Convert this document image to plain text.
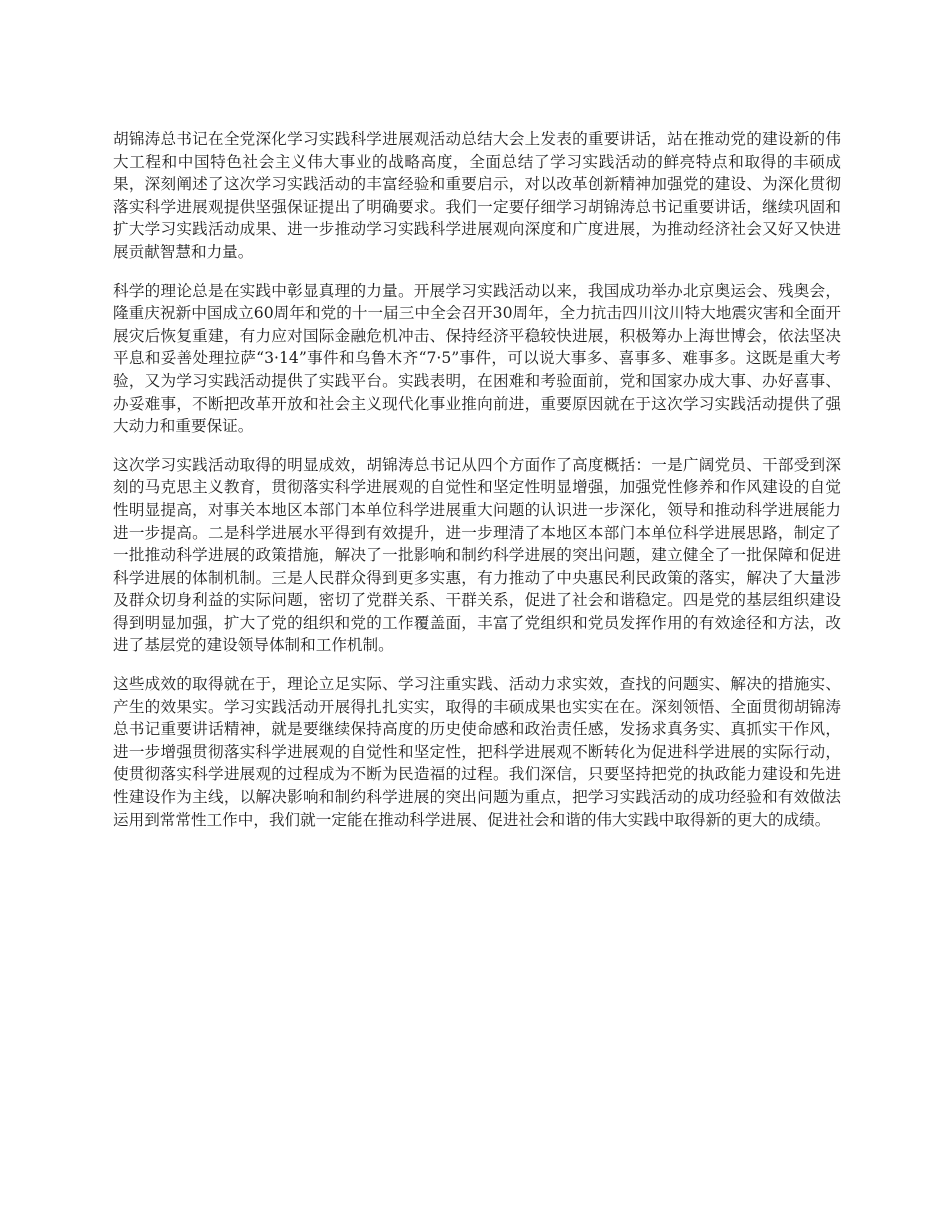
胡锦涛总书记在全党深化学习实践科学进展观活动总结大会上发表的重要讲话，站在推动党的建设新的伟大工程和中国特色社会主义伟大事业的战略高度，全面总结了学习实践活动的鲜亮特点和取得的丰硕成果，深刻阐述了这次学习实践活动的丰富经验和重要启示，对以改革创新精神加强党的建设、为深化贯彻落实科学进展观提供坚强保证提出了明确要求。我们一定要仔细学习胡锦涛总书记重要讲话，继续巩固和扩大学习实践活动成果、进一步推动学习实践科学进展观向深度和广度进展，为推动经济社会又好又快进展贡献智慧和力量。

科学的理论总是在实践中彰显真理的力量。开展学习实践活动以来，我国成功举办北京奥运会、残奥会，隆重庆祝新中国成立60周年和党的十一届三中全会召开30周年，全力抗击四川汶川特大地震灾害和全面开展灾后恢复重建，有力应对国际金融危机冲击、保持经济平稳较快进展，积极筹办上海世博会，依法坚决平息和妥善处理拉萨“3·14”事件和乌鲁木齐“7·5”事件，可以说大事多、喜事多、难事多。这既是重大考验，又为学习实践活动提供了实践平台。实践表明，在困难和考验面前，党和国家办成大事、办好喜事、办妥难事，不断把改革开放和社会主义现代化事业推向前进，重要原因就在于这次学习实践活动提供了强大动力和重要保证。

这次学习实践活动取得的明显成效，胡锦涛总书记从四个方面作了高度概括：一是广阔党员、干部受到深刻的马克思主义教育，贯彻落实科学进展观的自觉性和坚定性明显增强，加强党性修养和作风建设的自觉性明显提高，对事关本地区本部门本单位科学进展重大问题的认识进一步深化，领导和推动科学进展能力进一步提高。二是科学进展水平得到有效提升，进一步理清了本地区本部门本单位科学进展思路，制定了一批推动科学进展的政策措施，解决了一批影响和制约科学进展的突出问题，建立健全了一批保障和促进科学进展的体制机制。三是人民群众得到更多实惠，有力推动了中央惠民利民政策的落实，解决了大量涉及群众切身利益的实际问题，密切了党群关系、干群关系，促进了社会和谐稳定。四是党的基层组织建设得到明显加强，扩大了党的组织和党的工作覆盖面，丰富了党组织和党员发挥作用的有效途径和方法，改进了基层党的建设领导体制和工作机制。

这些成效的取得就在于，理论立足实际、学习注重实践、活动力求实效，查找的问题实、解决的措施实、产生的效果实。学习实践活动开展得扎扎实实，取得的丰硕成果也实实在在。深刻领悟、全面贯彻胡锦涛总书记重要讲话精神，就是要继续保持高度的历史使命感和政治责任感，发扬求真务实、真抓实干作风，进一步增强贯彻落实科学进展观的自觉性和坚定性，把科学进展观不断转化为促进科学进展的实际行动，使贯彻落实科学进展观的过程成为不断为民造福的过程。我们深信，只要坚持把党的执政能力建设和先进性建设作为主线，以解决影响和制约科学进展的突出问题为重点，把学习实践活动的成功经验和有效做法运用到常常性工作中，我们就一定能在推动科学进展、促进社会和谐的伟大实践中取得新的更大的成绩。
